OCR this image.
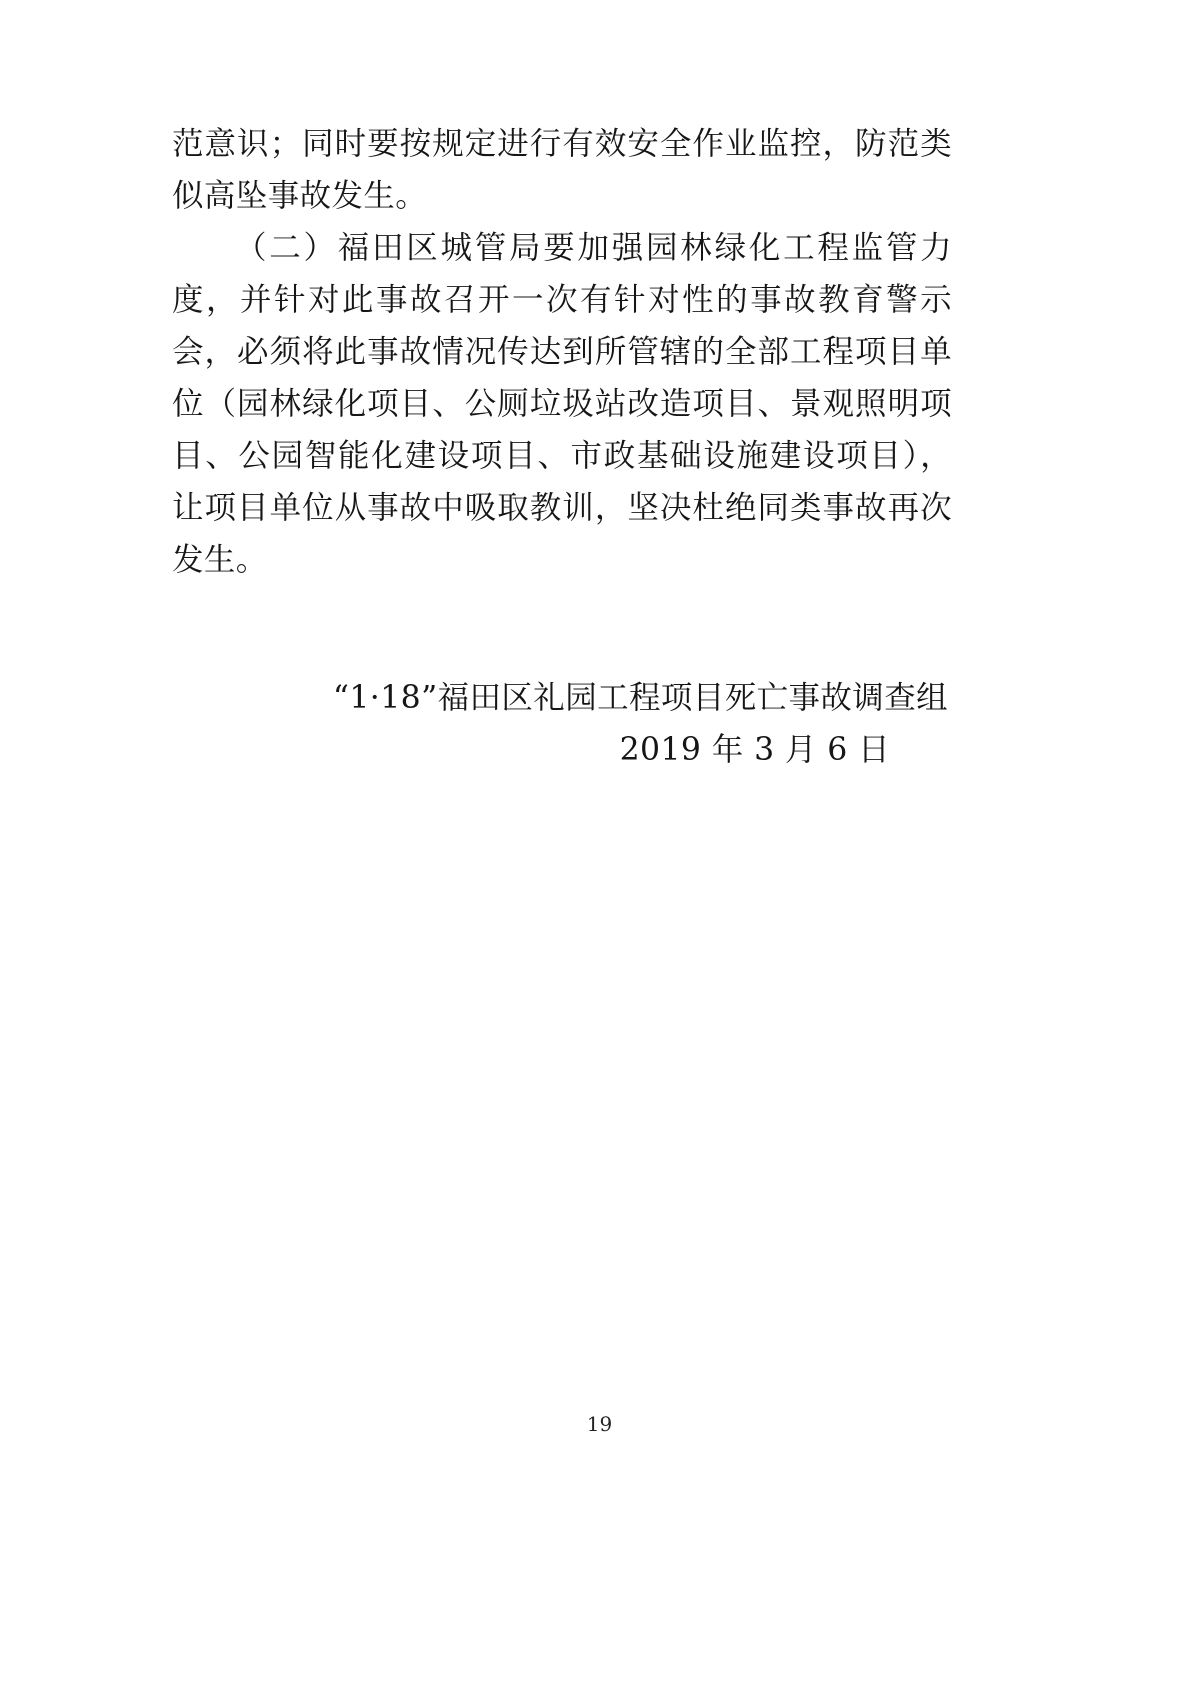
范意识；同时要按规定进行有效安全作业监控，防范类似高坠事故发生。

（二）福田区城管局要加强园林绿化工程监管力度，并针对此事故召开一次有针对性的事故教育警示会，必须将此事故情况传达到所管辖的全部工程项目单位（园林绿化项目、公厕垃圾站改造项目、景观照明项目、公园智能化建设项目、市政基础设施建设项目），让项目单位从事故中吸取教训，坚决杜绝同类事故再次发生。

“1·18”福田区礼园工程项目死亡事故调查组

2019 年 3 月 6 日

19
